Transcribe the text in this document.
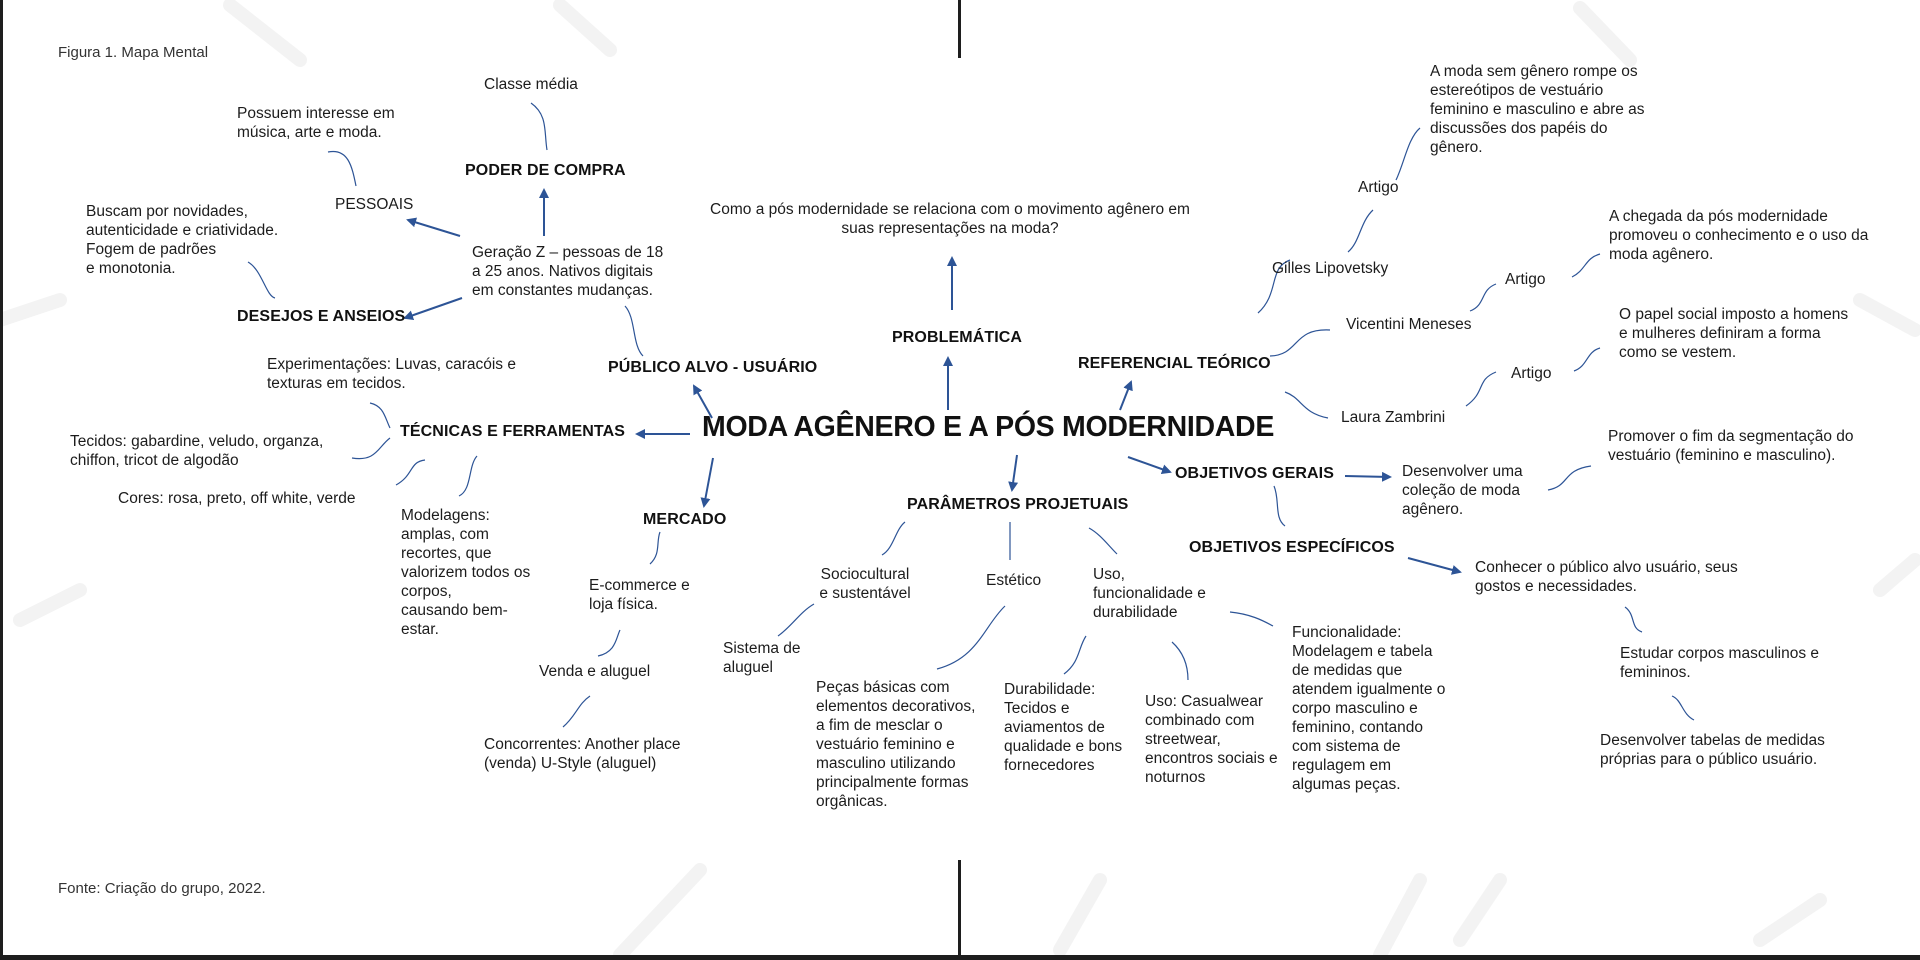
Figura 1. Mapa Mental
Fonte: Criação do grupo, 2022.
MODA AGÊNERO E A PÓS MODERNIDADE
PROBLEMÁTICA
Como a pós modernidade se relaciona com o movimento agênero em
suas representações na moda?
PÚBLICO ALVO - USUÁRIO
Geração Z – pessoas de 18
a 25 anos. Nativos digitais
em constantes mudanças.
PODER DE COMPRA
Classe média
PESSOAIS
Possuem interesse em
música, arte e moda.
DESEJOS E ANSEIOS
Buscam por novidades,
autenticidade e criatividade.
Fogem de padrões
e monotonia.
TÉCNICAS E FERRAMENTAS
Experimentações: Luvas, caracóis e
texturas em tecidos.
Tecidos: gabardine, veludo, organza,
chiffon, tricot de algodão
Cores: rosa, preto, off white, verde
Modelagens:
amplas, com
recortes, que
valorizem todos os
corpos,
causando bem-
estar.
MERCADO
E-commerce e
loja física.
Venda e aluguel
Concorrentes: Another place
(venda) U-Style (aluguel)
PARÂMETROS PROJETUAIS
Sociocultural
e sustentável
Sistema de
aluguel
Estético
Peças básicas com
elementos decorativos,
a fim de mesclar o
vestuário feminino e
masculino utilizando
principalmente formas
orgânicas.
Uso,
funcionalidade e
durabilidade
Durabilidade:
Tecidos e
aviamentos de
qualidade e bons
fornecedores
Uso: Casualwear
combinado com
streetwear,
encontros sociais e
noturnos
Funcionalidade:
Modelagem e tabela
de medidas que
atendem igualmente o
corpo masculino e
feminino, contando
com sistema de
regulagem em
algumas peças.
REFERENCIAL TEÓRICO
Gilles Lipovetsky
Artigo
A moda sem gênero rompe os
estereótipos de vestuário
feminino e masculino e abre as
discussões dos papéis do
gênero.
Vicentini Meneses
Artigo
A chegada da pós modernidade
promoveu o conhecimento e o uso da
moda agênero.
Laura Zambrini
Artigo
O papel social imposto a homens
e mulheres definiram a forma
como se vestem.
OBJETIVOS GERAIS	Desenvolver uma
coleção de moda
agênero.
Promover o fim da segmentação do
vestuário (feminino e masculino).
OBJETIVOS ESPECÍFICOS
Conhecer o público alvo usuário, seus
gostos e necessidades.
Estudar corpos masculinos e
femininos.
Desenvolver tabelas de medidas
próprias para o público usuário.
